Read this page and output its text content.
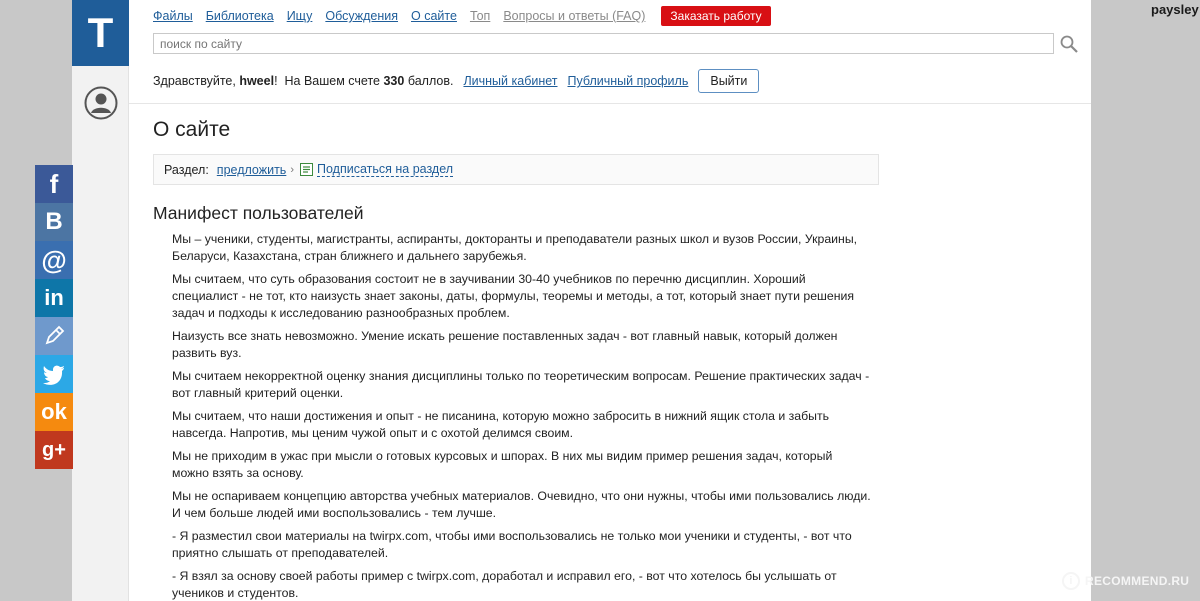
T	Файлы Библиотека Ищу Обсуждения О сайте Топ Вопросы и ответы (FAQ)	Заказать работу
поиск по сайту
Здравствуйте,
hweel !
На Вашем счете
330
баллов. Личный кабинет Публичный профиль	Выйти
О сайте
Раздел: предложить › Подписаться на раздел
Манифест пользователей

Мы – ученики, студенты, магистранты, аспиранты, докторанты и преподаватели разных школ и вузов России, Украины, Беларуси, Казахстана, стран ближнего и дальнего зарубежья.

Мы считаем, что суть образования состоит не в заучивании 30-40 учебников по перечню дисциплин. Хороший специалист - не тот, кто наизусть знает законы, даты, формулы, теоремы и методы, а тот, который знает пути решения задач и подходы к исследованию разнообразных проблем.

Наизусть все знать невозможно. Умение искать решение поставленных задач - вот главный навык, который должен развить вуз.

Мы считаем некорректной оценку знания дисциплины только по теоретическим вопросам. Решение практических задач - вот главный критерий оценки.

Мы считаем, что наши достижения и опыт - не писанина, которую можно забросить в нижний ящик стола и забыть навсегда. Напротив, мы ценим чужой опыт и с охотой делимся своим.

Мы не приходим в ужас при мысли о готовых курсовых и шпорах. В них мы видим пример решения задач, который можно взять за основу.

Мы не оспариваем концепцию авторства учебных материалов. Очевидно, что они нужны, чтобы ими пользовались люди. И чем больше людей ими воспользовались - тем лучше.

- Я разместил свои материалы на twirpx.com, чтобы ими воспользовались не только мои ученики и студенты, - вот что приятно слышать от преподавателей.

- Я взял за основу своей работы пример с twirpx.com, доработал и исправил его, - вот что хотелось бы услышать от учеников и студентов.

f
B
@
in
ok
g+
paysley
i	RECOMMEND.RU
